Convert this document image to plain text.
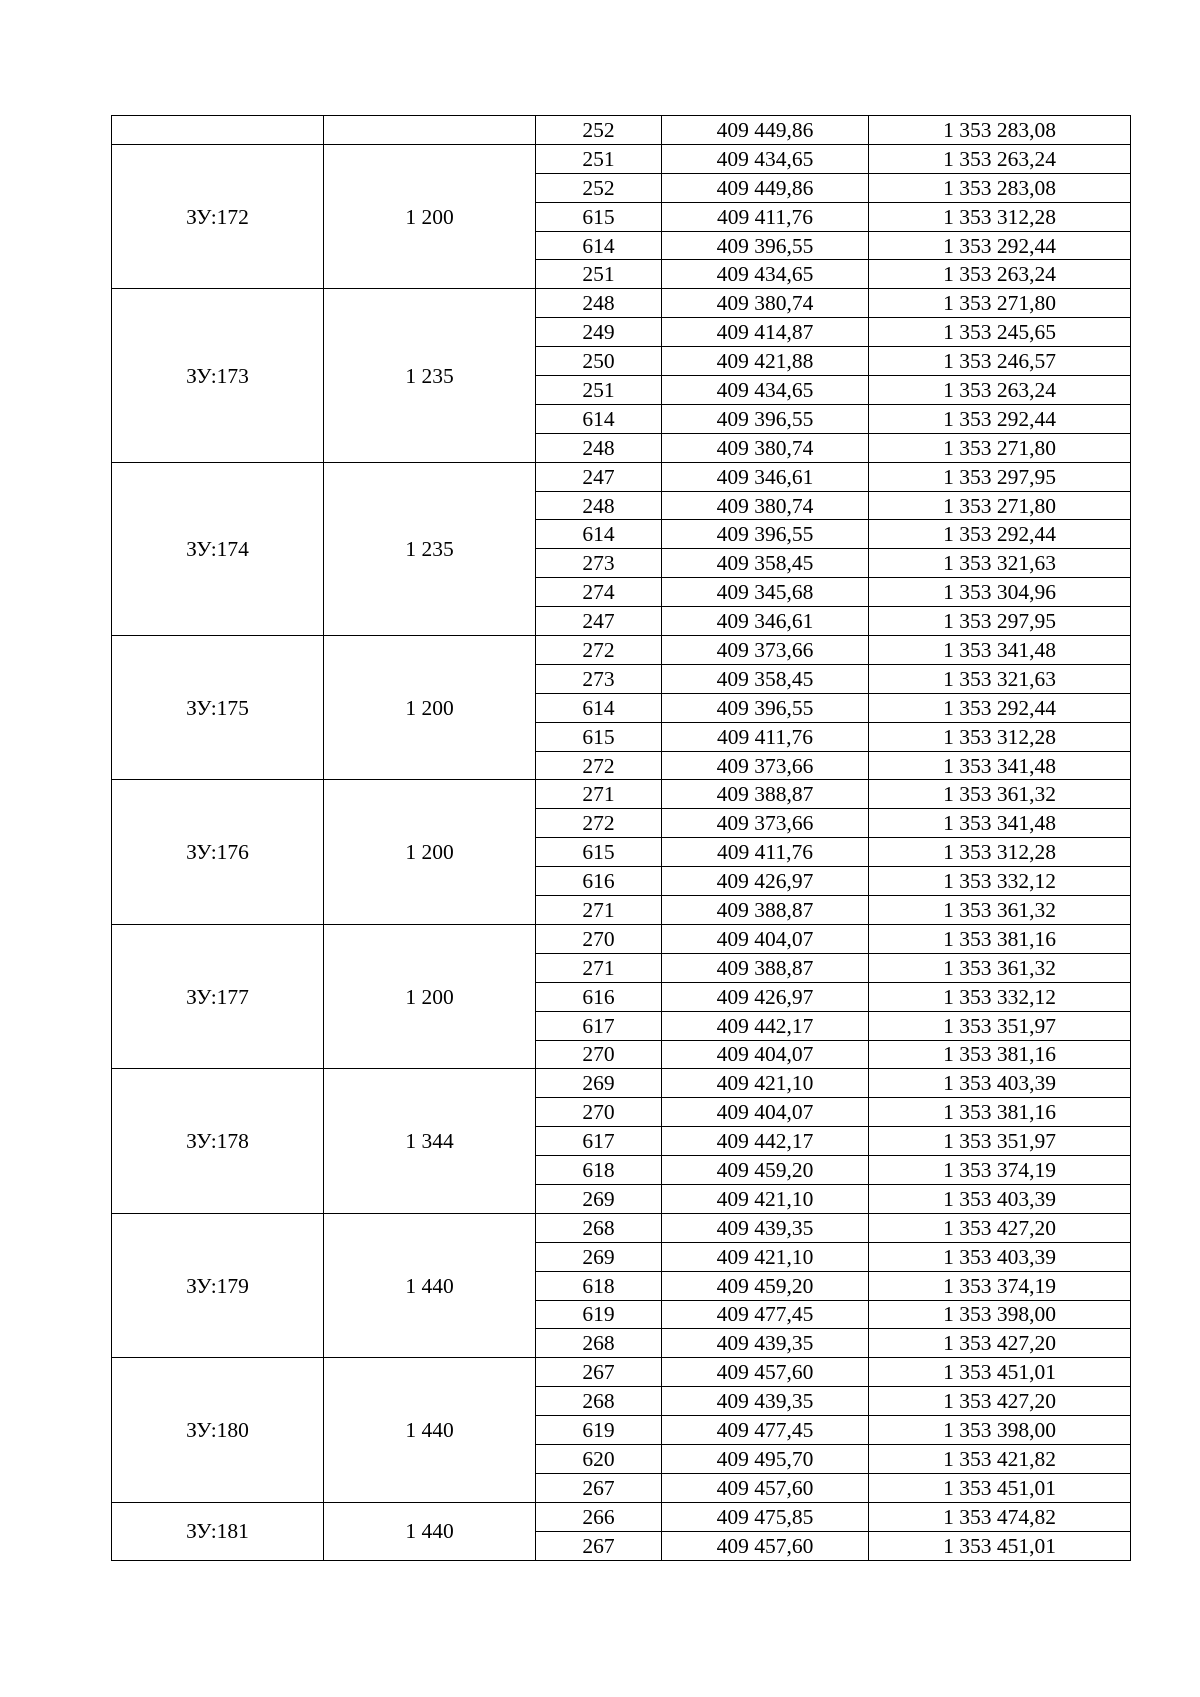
		252	409 449,86	1 353 283,08
ЗУ:172	1 200	251	409 434,65	1 353 263,24
		252	409 449,86	1 353 283,08
		615	409 411,76	1 353 312,28
		614	409 396,55	1 353 292,44
		251	409 434,65	1 353 263,24
ЗУ:173	1 235	248	409 380,74	1 353 271,80
		249	409 414,87	1 353 245,65
		250	409 421,88	1 353 246,57
		251	409 434,65	1 353 263,24
		614	409 396,55	1 353 292,44
		248	409 380,74	1 353 271,80
ЗУ:174	1 235	247	409 346,61	1 353 297,95
		248	409 380,74	1 353 271,80
		614	409 396,55	1 353 292,44
		273	409 358,45	1 353 321,63
		274	409 345,68	1 353 304,96
		247	409 346,61	1 353 297,95
ЗУ:175	1 200	272	409 373,66	1 353 341,48
		273	409 358,45	1 353 321,63
		614	409 396,55	1 353 292,44
		615	409 411,76	1 353 312,28
		272	409 373,66	1 353 341,48
ЗУ:176	1 200	271	409 388,87	1 353 361,32
		272	409 373,66	1 353 341,48
		615	409 411,76	1 353 312,28
		616	409 426,97	1 353 332,12
		271	409 388,87	1 353 361,32
ЗУ:177	1 200	270	409 404,07	1 353 381,16
		271	409 388,87	1 353 361,32
		616	409 426,97	1 353 332,12
		617	409 442,17	1 353 351,97
		270	409 404,07	1 353 381,16
ЗУ:178	1 344	269	409 421,10	1 353 403,39
		270	409 404,07	1 353 381,16
		617	409 442,17	1 353 351,97
		618	409 459,20	1 353 374,19
		269	409 421,10	1 353 403,39
ЗУ:179	1 440	268	409 439,35	1 353 427,20
		269	409 421,10	1 353 403,39
		618	409 459,20	1 353 374,19
		619	409 477,45	1 353 398,00
		268	409 439,35	1 353 427,20
ЗУ:180	1 440	267	409 457,60	1 353 451,01
		268	409 439,35	1 353 427,20
		619	409 477,45	1 353 398,00
		620	409 495,70	1 353 421,82
		267	409 457,60	1 353 451,01
ЗУ:181	1 440	266	409 475,85	1 353 474,82
		267	409 457,60	1 353 451,01
